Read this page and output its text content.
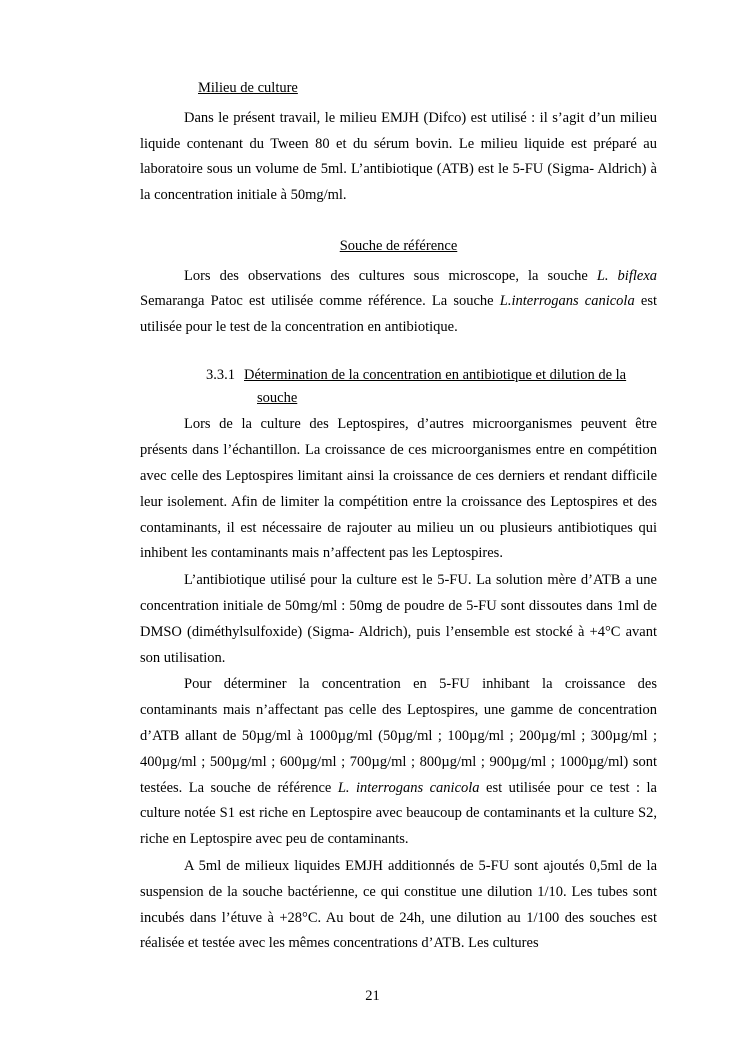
Milieu de culture

Dans le présent travail, le milieu EMJH (Difco) est utilisé : il s’agit d’un milieu liquide contenant du Tween 80 et du sérum bovin. Le milieu liquide est préparé au laboratoire sous un volume de 5ml. L’antibiotique (ATB) est le 5-FU (Sigma- Aldrich) à la concentration initiale à 50mg/ml.

Souche de référence

Lors des observations des cultures sous microscope, la souche L. biflexa Semaranga Patoc est utilisée comme référence. La souche L.interrogans canicola est utilisée pour le test de la concentration en antibiotique.

3.3.1 Détermination de la concentration en antibiotique et dilution de la
souche

Lors de la culture des Leptospires, d’autres microorganismes peuvent être présents dans l’échantillon. La croissance de ces microorganismes entre en compétition avec celle des Leptospires limitant ainsi la croissance de ces derniers et rendant difficile leur isolement. Afin de limiter la compétition entre la croissance des Leptospires et des contaminants, il est nécessaire de rajouter au milieu un ou plusieurs antibiotiques qui inhibent les contaminants mais n’affectent pas les Leptospires.

L’antibiotique utilisé pour la culture est le 5-FU. La solution mère d’ATB a une concentration initiale de 50mg/ml : 50mg de poudre de 5-FU sont dissoutes dans 1ml de DMSO (diméthylsulfoxide) (Sigma- Aldrich), puis l’ensemble est stocké à +4°C avant son utilisation.

Pour déterminer la concentration en 5-FU inhibant la croissance des contaminants mais n’affectant pas celle des Leptospires, une gamme de concentration d’ATB allant de 50µg/ml à 1000µg/ml (50µg/ml ; 100µg/ml ; 200µg/ml ; 300µg/ml ; 400µg/ml ; 500µg/ml ; 600µg/ml ; 700µg/ml ; 800µg/ml ; 900µg/ml ; 1000µg/ml) sont testées. La souche de référence L. interrogans canicola est utilisée pour ce test : la culture notée S1 est riche en Leptospire avec beaucoup de contaminants et la culture S2, riche en Leptospire avec peu de contaminants.

A 5ml de milieux liquides EMJH additionnés de 5-FU sont ajoutés 0,5ml de la suspension de la souche bactérienne, ce qui constitue une dilution 1/10. Les tubes sont incubés dans l’étuve à +28°C. Au bout de 24h, une dilution au 1/100 des souches est réalisée et testée avec les mêmes concentrations d’ATB. Les cultures

21
